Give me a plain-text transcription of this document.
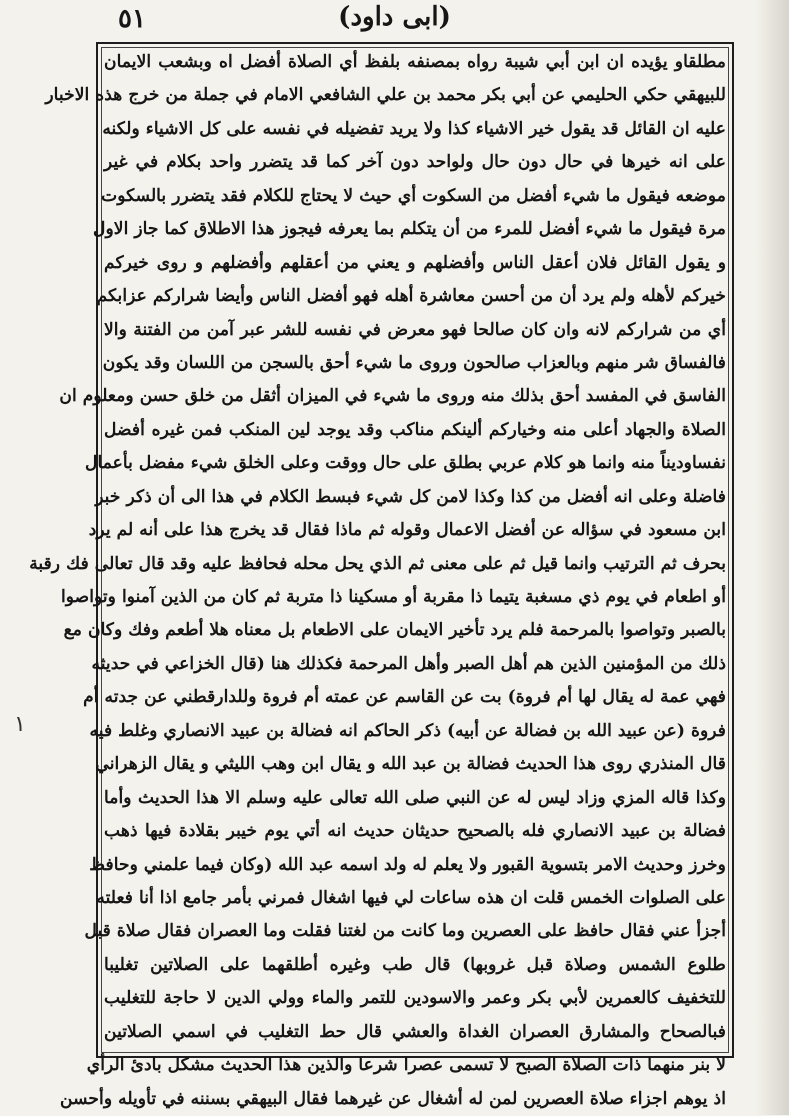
٥١	(ابى داود)
مطلقاو يؤيده ان ابن أبي شيبة رواه بمصنفه بلفظ أي الصلاة أفضل اه وبشعب الايمان
للبيهقي حكي الحليمي عن أبي بكر محمد بن علي الشافعي الامام في جملة من خرج هذه الاخبار
عليه ان القائل قد يقول خير الاشياء كذا ولا يريد تفضيله في نفسه على كل الاشياء ولكنه
على انه خيرها في حال دون حال ولواحد دون آخر كما قد يتضرر واحد بكلام في غير
موضعه فيقول ما شيء أفضل من السكوت أي حيث لا يحتاج للكلام فقد يتضرر بالسكوت
مرة فيقول ما شيء أفضل للمرء من أن يتكلم بما يعرفه فيجوز هذا الاطلاق كما جاز الاول
و يقول القائل فلان أعقل الناس وأفضلهم و يعني من أعقلهم وأفضلهم و روى خيركم
خيركم لأهله ولم يرد أن من أحسن معاشرة أهله فهو أفضل الناس وأيضا شراركم عزابكم
أي من شراركم لانه وان كان صالحا فهو معرض في نفسه للشر عبر آمن من الفتنة والا
فالفساق شر منهم وبالعزاب صالحون وروى ما شيء أحق بالسجن من اللسان وقد يكون
الفاسق في المفسد أحق بذلك منه وروى ما شيء في الميزان أثقل من خلق حسن ومعلوم ان
الصلاة والجهاد أعلى منه وخياركم ألينكم مناكب وقد يوجد لين المنكب فمن غيره أفضل
نفساوديناً منه وانما هو كلام عربي بطلق على حال ووقت وعلى الخلق شيء مفضل بأعمال
فاضلة وعلى انه أفضل من كذا وكذا لامن كل شيء فبسط الكلام في هذا الى أن ذكر خبر
ابن مسعود في سؤاله عن أفضل الاعمال وقوله ثم ماذا فقال قد يخرج هذا على أنه لم يرد
بحرف ثم الترتيب وانما قيل ثم على معنى ثم الذي يحل محله فحافظ عليه وقد قال تعالى فك رقبة
أو اطعام في يوم ذي مسغبة يتيما ذا مقربة أو مسكينا ذا متربة ثم كان من الذين آمنوا وتواصوا
بالصبر وتواصوا بالمرحمة فلم يرد تأخير الايمان على الاطعام بل معناه هلا أطعم وفك وكان مع
ذلك من المؤمنين الذين هم أهل الصبر وأهل المرحمة فكذلك هنا (قال الخزاعي في حديثه
فهي عمة له يقال لها أم فروة) بت عن القاسم عن عمته أم فروة وللدارقطني عن جدته أم
فروة (عن عبيد الله بن فضالة عن أبيه) ذكر الحاكم انه فضالة بن عبيد الانصاري وغلط فيه
قال المنذري روى هذا الحديث فضالة بن عبد الله و يقال ابن وهب الليثي و يقال الزهراني
وكذا قاله المزي وزاد ليس له عن النبي صلى الله تعالى عليه وسلم الا هذا الحديث وأما
فضالة بن عبيد الانصاري فله بالصحيح حديثان حديث انه أتي يوم خيبر بقلادة فيها ذهب
وخرز وحديث الامر بتسوية القبور ولا يعلم له ولد اسمه عبد الله (وكان فيما علمني وحافظ
على الصلوات الخمس قلت ان هذه ساعات لي فيها اشغال فمرني بأمر جامع اذا أنا فعلته
أجزأ عني فقال حافظ على العصرين وما كانت من لغتنا فقلت وما العصران فقال صلاة قبل
طلوع الشمس وصلاة قبل غروبها) قال طب وغيره أطلقهما على الصلاتين تغليبا
للتخفيف كالعمرين لأبي بكر وعمر والاسودين للتمر والماء وولي الدين لا حاجة للتغليب
فبالصحاح والمشارق العصران الغداة والعشي قال حط التغليب في اسمي الصلاتين
لا بنر منهما ذات الصلاة الصبح لا تسمى عصرا شرعا والذين هذا الحديث مشكل بادئ الرأي
اذ يوهم اجزاء صلاة العصرين لمن له أشغال عن غيرهما فقال البيهقي بسننه في تأويله وأحسن
١
